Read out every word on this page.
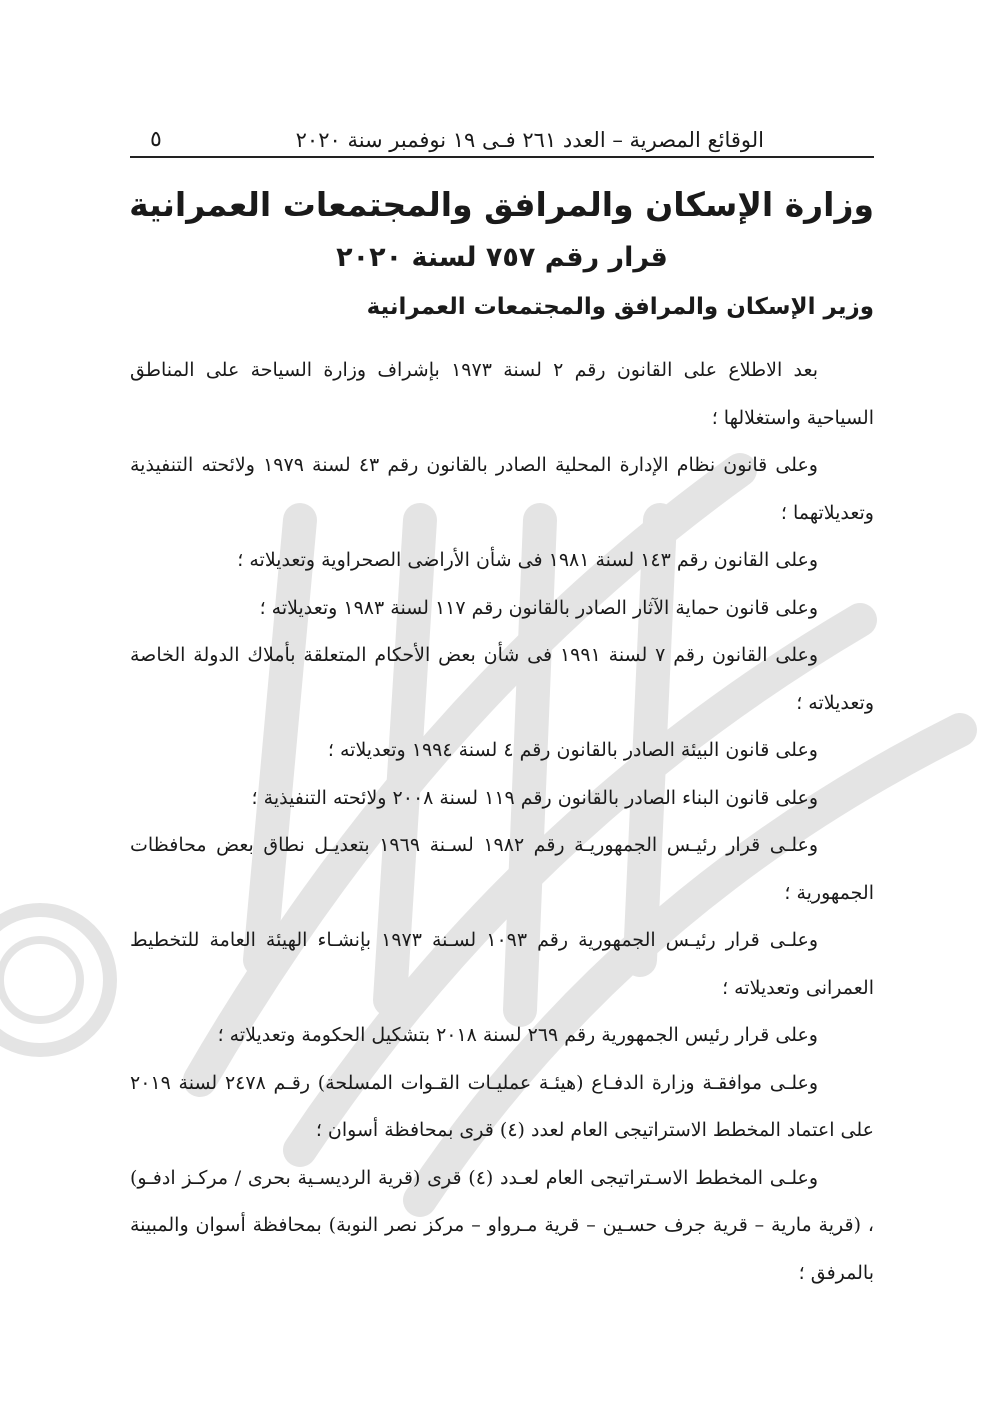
الوقائع المصرية – العدد ٢٦١ فـى ١٩ نوفمبر سنة ٢٠٢٠
٥
وزارة الإسكان والمرافق والمجتمعات العمرانية
قرار رقم ٧٥٧ لسنة ٢٠٢٠
وزير الإسكان والمرافق والمجتمعات العمرانية

بعد الاطلاع على القانون رقم ٢ لسنة ١٩٧٣ بإشراف وزارة السياحة على المناطق السياحية واستغلالها ؛

وعلى قانون نظام الإدارة المحلية الصادر بالقانون رقم ٤٣ لسنة ١٩٧٩ ولائحته التنفيذية وتعديلاتهما ؛

وعلى القانون رقم ١٤٣ لسنة ١٩٨١ فى شأن الأراضى الصحراوية وتعديلاته ؛

وعلى قانون حماية الآثار الصادر بالقانون رقم ١١٧ لسنة ١٩٨٣ وتعديلاته ؛

وعلى القانون رقم ٧ لسنة ١٩٩١ فى شأن بعض الأحكام المتعلقة بأملاك الدولة الخاصة وتعديلاته ؛

وعلى قانون البيئة الصادر بالقانون رقم ٤ لسنة ١٩٩٤ وتعديلاته ؛

وعلى قانون البناء الصادر بالقانون رقم ١١٩ لسنة ٢٠٠٨ ولائحته التنفيذية ؛

وعلـى قرار رئيـس الجمهوريـة رقم ١٩٨٢ لسـنة ١٩٦٩ بتعديـل نطاق بعض محافظات الجمهورية ؛

وعلـى قرار رئيـس الجمهورية رقم ١٠٩٣ لسـنة ١٩٧٣ بإنشـاء الهيئة العامة للتخطيط العمرانى وتعديلاته ؛

وعلى قرار رئيس الجمهورية رقم ٢٦٩ لسنة ٢٠١٨ بتشكيل الحكومة وتعديلاته ؛

وعلـى موافقـة وزارة الدفـاع (هيئـة عمليـات القـوات المسلحة) رقـم ٢٤٧٨ لسنة ٢٠١٩ على اعتماد المخطط الاستراتيجى العام لعدد (٤) قرى بمحافظة أسوان ؛

وعلـى المخطط الاسـتراتيجى العام لعـدد (٤) قرى (قرية الرديسـية بحرى / مركـز ادفـو) ، (قرية مارية – قرية جرف حسـين – قرية مـرواو – مركز نصر النوبة) بمحافظة أسوان والمبينة بالمرفق ؛
